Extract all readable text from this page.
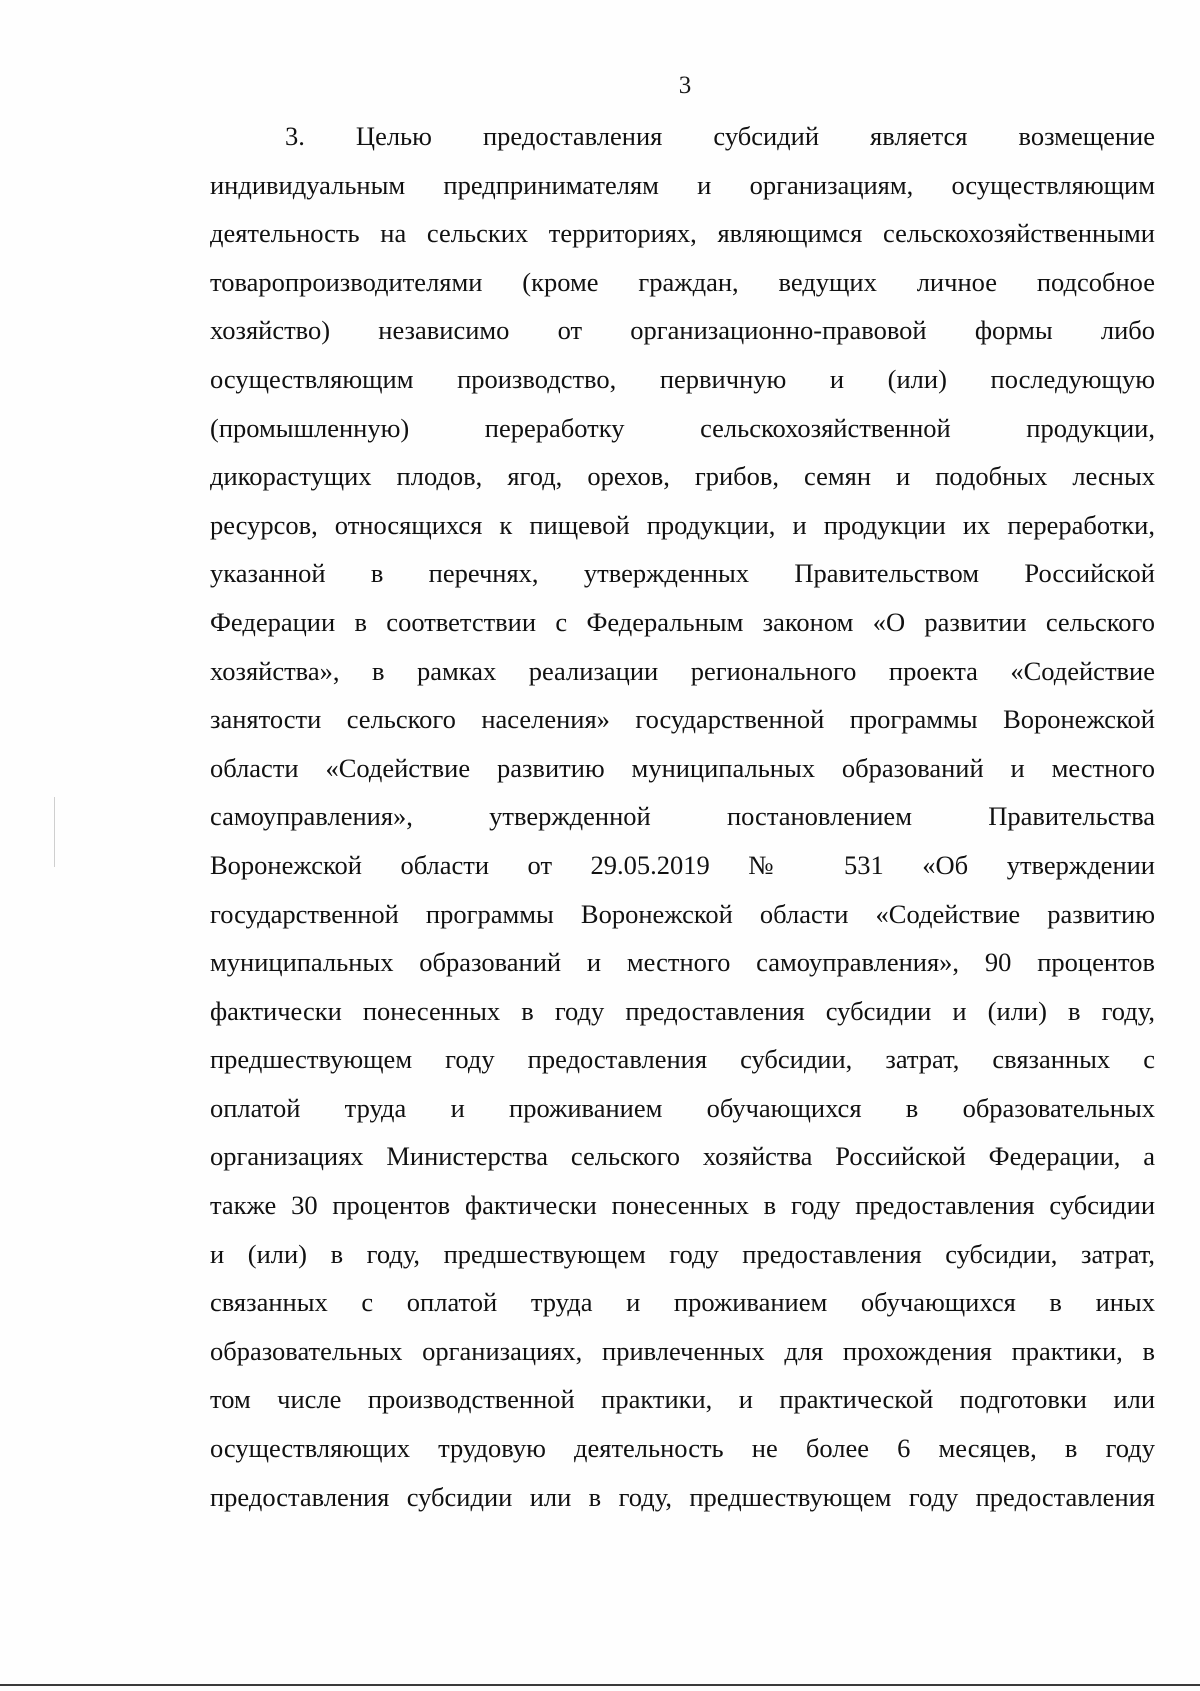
3
3. Целью предоставления субсидий является возмещение
индивидуальным предпринимателям и организациям, осуществляющим
деятельность на сельских территориях, являющимся сельскохозяйственными
товаропроизводителями (кроме граждан, ведущих личное подсобное
хозяйство) независимо от организационно-правовой формы либо
осуществляющим производство, первичную и (или) последующую
(промышленную) переработку сельскохозяйственной продукции,
дикорастущих плодов, ягод, орехов, грибов, семян и подобных лесных
ресурсов, относящихся к пищевой продукции, и продукции их переработки,
указанной в перечнях, утвержденных Правительством Российской
Федерации в соответствии с Федеральным законом «О развитии сельского
хозяйства», в рамках реализации регионального проекта «Содействие
занятости сельского населения» государственной программы Воронежской
области «Содействие развитию муниципальных образований и местного
самоуправления», утвержденной постановлением Правительства
Воронежской области от 29.05.2019 № 531 «Об утверждении
государственной программы Воронежской области «Содействие развитию
муниципальных образований и местного самоуправления», 90 процентов
фактически понесенных в году предоставления субсидии и (или) в году,
предшествующем году предоставления субсидии, затрат, связанных с
оплатой труда и проживанием обучающихся в образовательных
организациях Министерства сельского хозяйства Российской Федерации, а
также 30 процентов фактически понесенных в году предоставления субсидии
и (или) в году, предшествующем году предоставления субсидии, затрат,
связанных с оплатой труда и проживанием обучающихся в иных
образовательных организациях, привлеченных для прохождения практики, в
том числе производственной практики, и практической подготовки или
осуществляющих трудовую деятельность не более 6 месяцев, в году
предоставления субсидии или в году, предшествующем году предоставления
